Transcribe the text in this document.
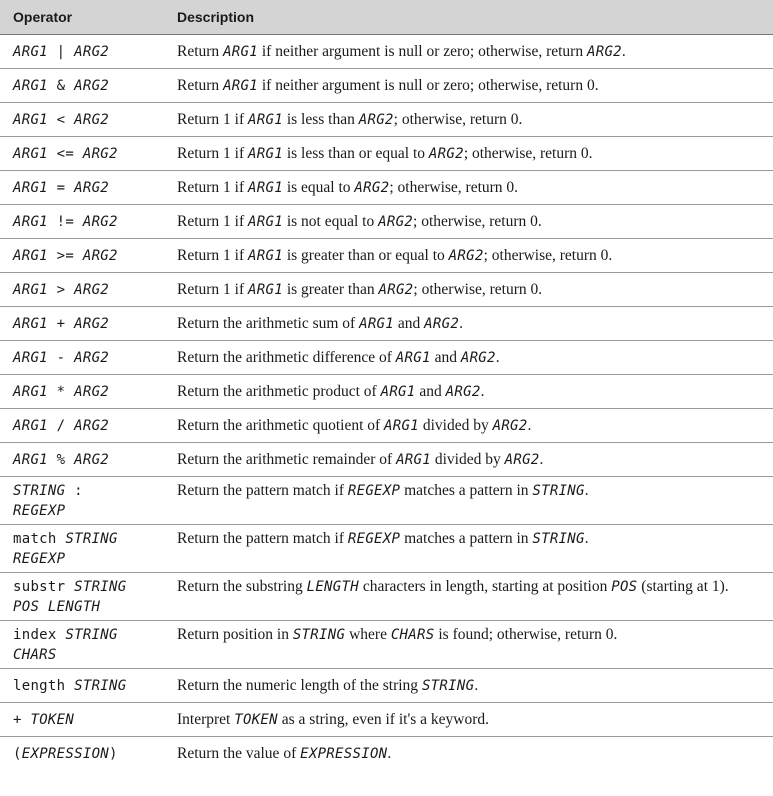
Operator	Description
ARG1 | ARG2	Return ARG1 if neither argument is null or zero; otherwise, return ARG2.
ARG1 & ARG2	Return ARG1 if neither argument is null or zero; otherwise, return 0.
ARG1 < ARG2	Return 1 if ARG1 is less than ARG2; otherwise, return 0.
ARG1 <= ARG2	Return 1 if ARG1 is less than or equal to ARG2; otherwise, return 0.
ARG1 = ARG2	Return 1 if ARG1 is equal to ARG2; otherwise, return 0.
ARG1 != ARG2	Return 1 if ARG1 is not equal to ARG2; otherwise, return 0.
ARG1 >= ARG2	Return 1 if ARG1 is greater than or equal to ARG2; otherwise, return 0.
ARG1 > ARG2	Return 1 if ARG1 is greater than ARG2; otherwise, return 0.
ARG1 + ARG2	Return the arithmetic sum of ARG1 and ARG2.
ARG1 - ARG2	Return the arithmetic difference of ARG1 and ARG2.
ARG1 * ARG2	Return the arithmetic product of ARG1 and ARG2.
ARG1 / ARG2	Return the arithmetic quotient of ARG1 divided by ARG2.
ARG1 % ARG2	Return the arithmetic remainder of ARG1 divided by ARG2.
STRING :
REGEXP	Return the pattern match if REGEXP matches a pattern in STRING.
match STRING
REGEXP	Return the pattern match if REGEXP matches a pattern in STRING.
substr STRING
POS LENGTH	Return the substring LENGTH characters in length, starting at position POS (starting at 1).
index STRING
CHARS	Return position in STRING where CHARS is found; otherwise, return 0.
length STRING	Return the numeric length of the string STRING.
+ TOKEN	Interpret TOKEN as a string, even if it's a keyword.
(EXPRESSION)	Return the value of EXPRESSION.
